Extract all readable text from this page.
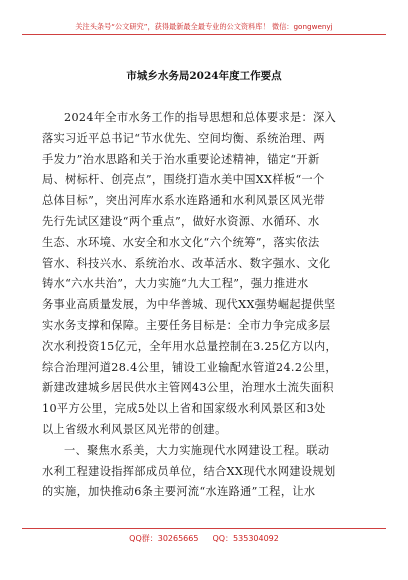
关注头条号“公文研究”，获得最新最全最专业的公文资料库！ 微信：gongwenyj
市城乡水务局2024年度工作要点
2024年全市水务工作的指导思想和总体要求是：深入
落实习近平总书记“节水优先、空间均衡、系统治理、两
手发力”治水思路和关于治水重要论述精神，锚定“开新
局、树标杆、创亮点”，围绕打造水美中国XX样板“一个
总体目标”，突出河库水系水连路通和水利风景区风光带
先行先试区建设“两个重点”，做好水资源、水循环、水
生态、水环境、水安全和水文化“六个统筹”，落实依法
管水、科技兴水、系统治水、改革活水、数字强水、文化
铸水“六水共治”，大力实施“九大工程”，强力推进水
务事业高质量发展，为中华善城、现代XX强势崛起提供坚
实水务支撑和保障。主要任务目标是：全市力争完成多层
次水利投资15亿元，全年用水总量控制在3.25亿方以内，
综合治理河道28.4公里，铺设工业输配水管道24.2公里，
新建改建城乡居民供水主管网43公里，治理水土流失面积
10平方公里，完成5处以上省和国家级水利风景区和3处
以上省级水利风景区风光带的创建。
一、聚焦水系美，大力实施现代水网建设工程。联动
水利工程建设指挥部成员单位，结合XX现代水网建设规划
的实施，加快推动6条主要河流“水连路通”工程，让水
QQ群：30265665 QQ：535304092
